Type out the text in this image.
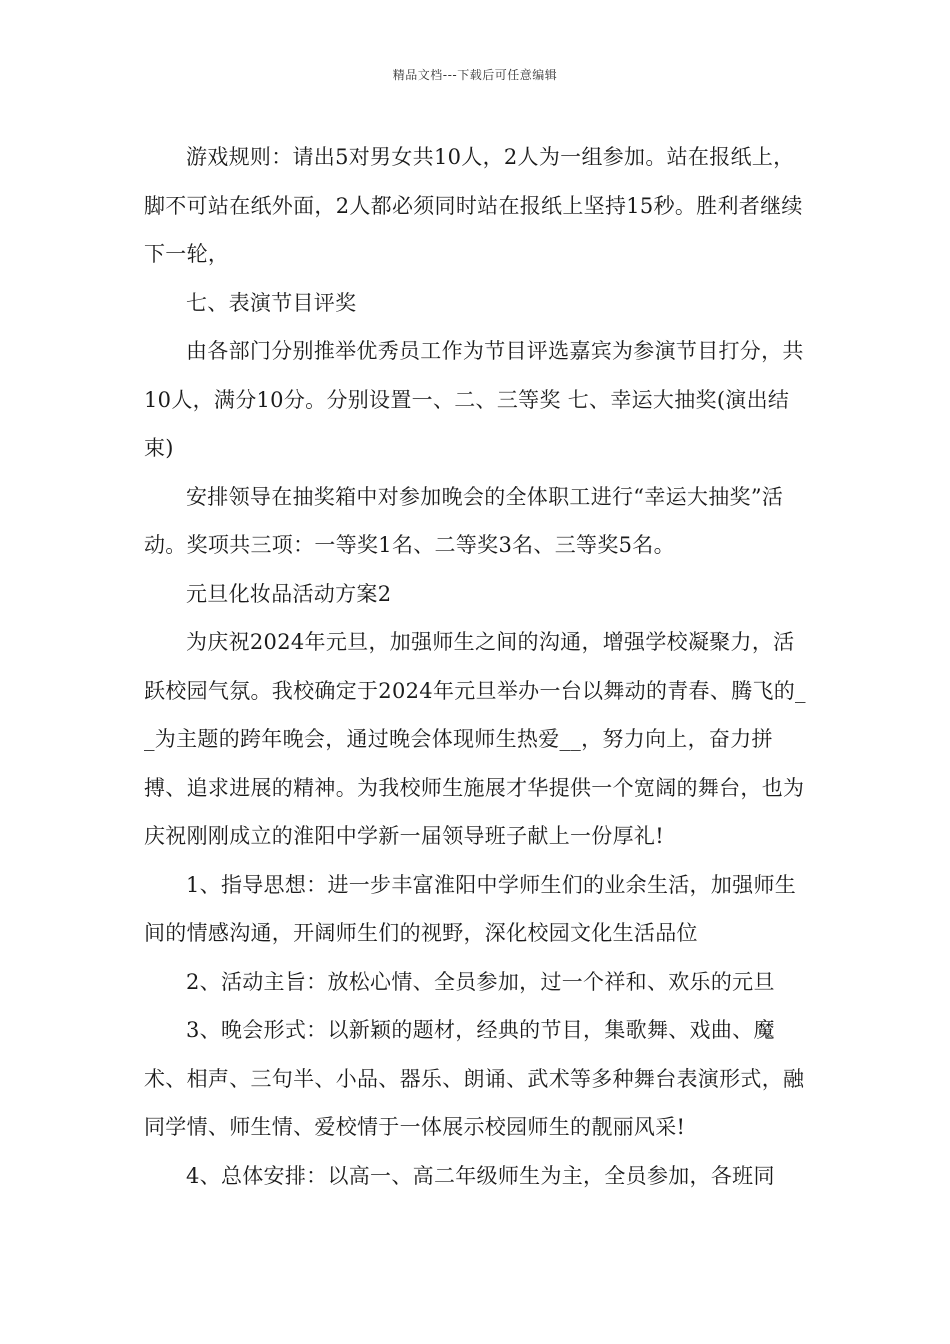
精品文档---下载后可任意编辑

游戏规则：请出5对男女共10人，2人为一组参加。站在报纸上，脚不可站在纸外面，2人都必须同时站在报纸上坚持15秒。胜利者继续下一轮，

七、表演节目评奖

由各部门分别推举优秀员工作为节目评选嘉宾为参演节目打分，共10人，满分10分。分别设置一、二、三等奖 七、幸运大抽奖(演出结束)

安排领导在抽奖箱中对参加晚会的全体职工进行“幸运大抽奖”活动。奖项共三项：一等奖1名、二等奖3名、三等奖5名。

元旦化妆品活动方案2

为庆祝2024年元旦，加强师生之间的沟通，增强学校凝聚力，活跃校园气氛。我校确定于2024年元旦举办一台以舞动的青春、腾飞的__为主题的跨年晚会，通过晚会体现师生热爱__，努力向上，奋力拼搏、追求进展的精神。为我校师生施展才华提供一个宽阔的舞台，也为庆祝刚刚成立的淮阳中学新一届领导班子献上一份厚礼!

1、指导思想：进一步丰富淮阳中学师生们的业余生活，加强师生间的情感沟通，开阔师生们的视野，深化校园文化生活品位

2、活动主旨：放松心情、全员参加，过一个祥和、欢乐的元旦

3、晚会形式：以新颖的题材，经典的节目，集歌舞、戏曲、魔术、相声、三句半、小品、器乐、朗诵、武术等多种舞台表演形式，融同学情、师生情、爱校情于一体展示校园师生的靓丽风采!

4、总体安排：以高一、高二年级师生为主，全员参加，各班同
